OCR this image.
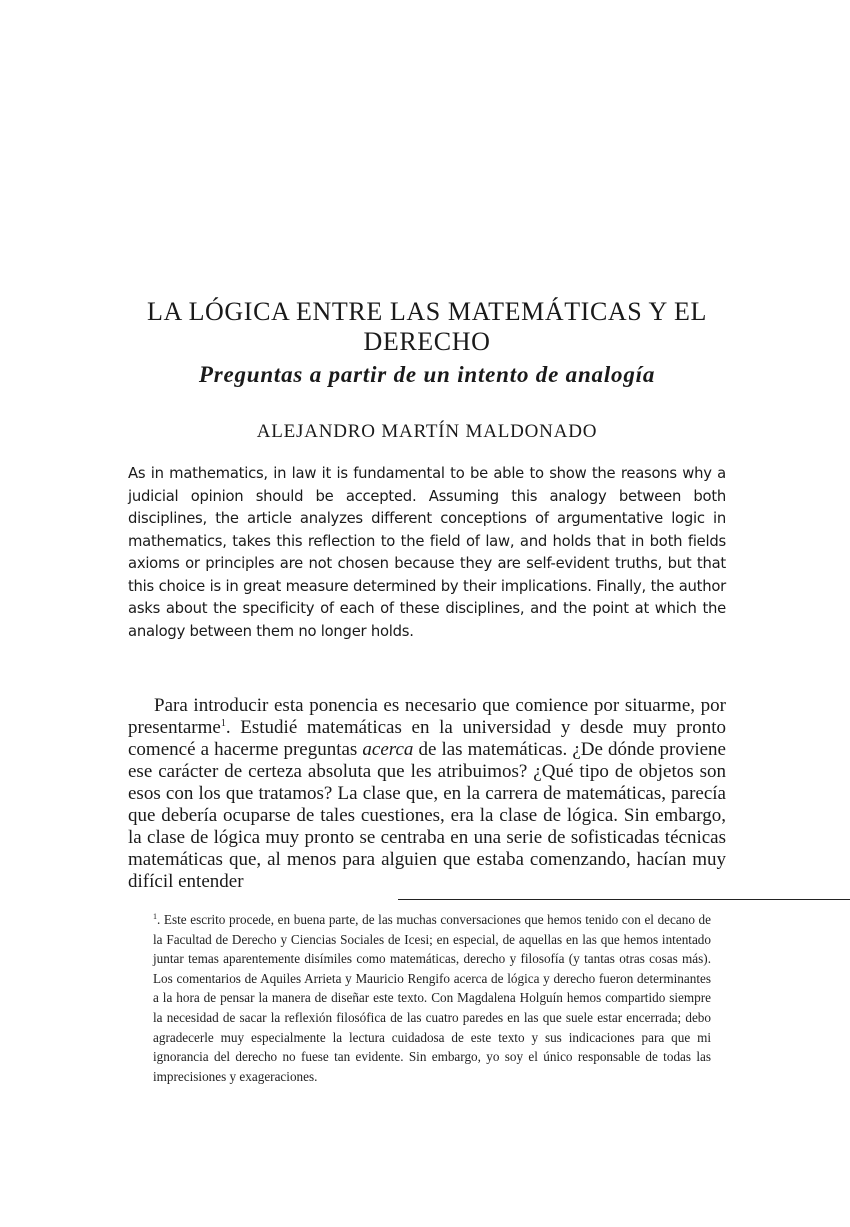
LA LÓGICA ENTRE LAS MATEMÁTICAS Y EL DERECHO
Preguntas a partir de un intento de analogía
ALEJANDRO MARTÍN MALDONADO

As in mathematics, in law it is fundamental to be able to show the reasons why a judicial opinion should be accepted. Assuming this analogy between both disciplines, the article analyzes different conceptions of argumentative logic in mathematics, takes this reflection to the field of law, and holds that in both fields axioms or principles are not chosen because they are self-evident truths, but that this choice is in great measure determined by their implications. Finally, the author asks about the specificity of each of these disciplines, and the point at which the analogy between them no longer holds.

Para introducir esta ponencia es necesario que comience por situarme, por presentarme$^1$. Estudié matemáticas en la universidad y desde muy pronto comencé a hacerme preguntas acerca de las matemáticas. ¿De dónde proviene ese carácter de certeza absoluta que les atribuimos? ¿Qué tipo de objetos son esos con los que tratamos? La clase que, en la carrera de matemáticas, parecía que debería ocuparse de tales cuestiones, era la clase de lógica. Sin embargo, la clase de lógica muy pronto se centraba en una serie de sofisticadas técnicas matemáticas que, al menos para alguien que estaba comenzando, hacían muy difícil entender

$^1$. Este escrito procede, en buena parte, de las muchas conversaciones que hemos tenido con el decano de la Facultad de Derecho y Ciencias Sociales de Icesi; en especial, de aquellas en las que hemos intentado juntar temas aparentemente disímiles como matemáticas, derecho y filosofía (y tantas otras cosas más). Los comentarios de Aquiles Arrieta y Mauricio Rengifo acerca de lógica y derecho fueron determinantes a la hora de pensar la manera de diseñar este texto. Con Magdalena Holguín hemos compartido siempre la necesidad de sacar la reflexión filosófica de las cuatro paredes en las que suele estar encerrada; debo agradecerle muy especialmente la lectura cuidadosa de este texto y sus indicaciones para que mi ignorancia del derecho no fuese tan evidente. Sin embargo, yo soy el único responsable de todas las imprecisiones y exageraciones.
